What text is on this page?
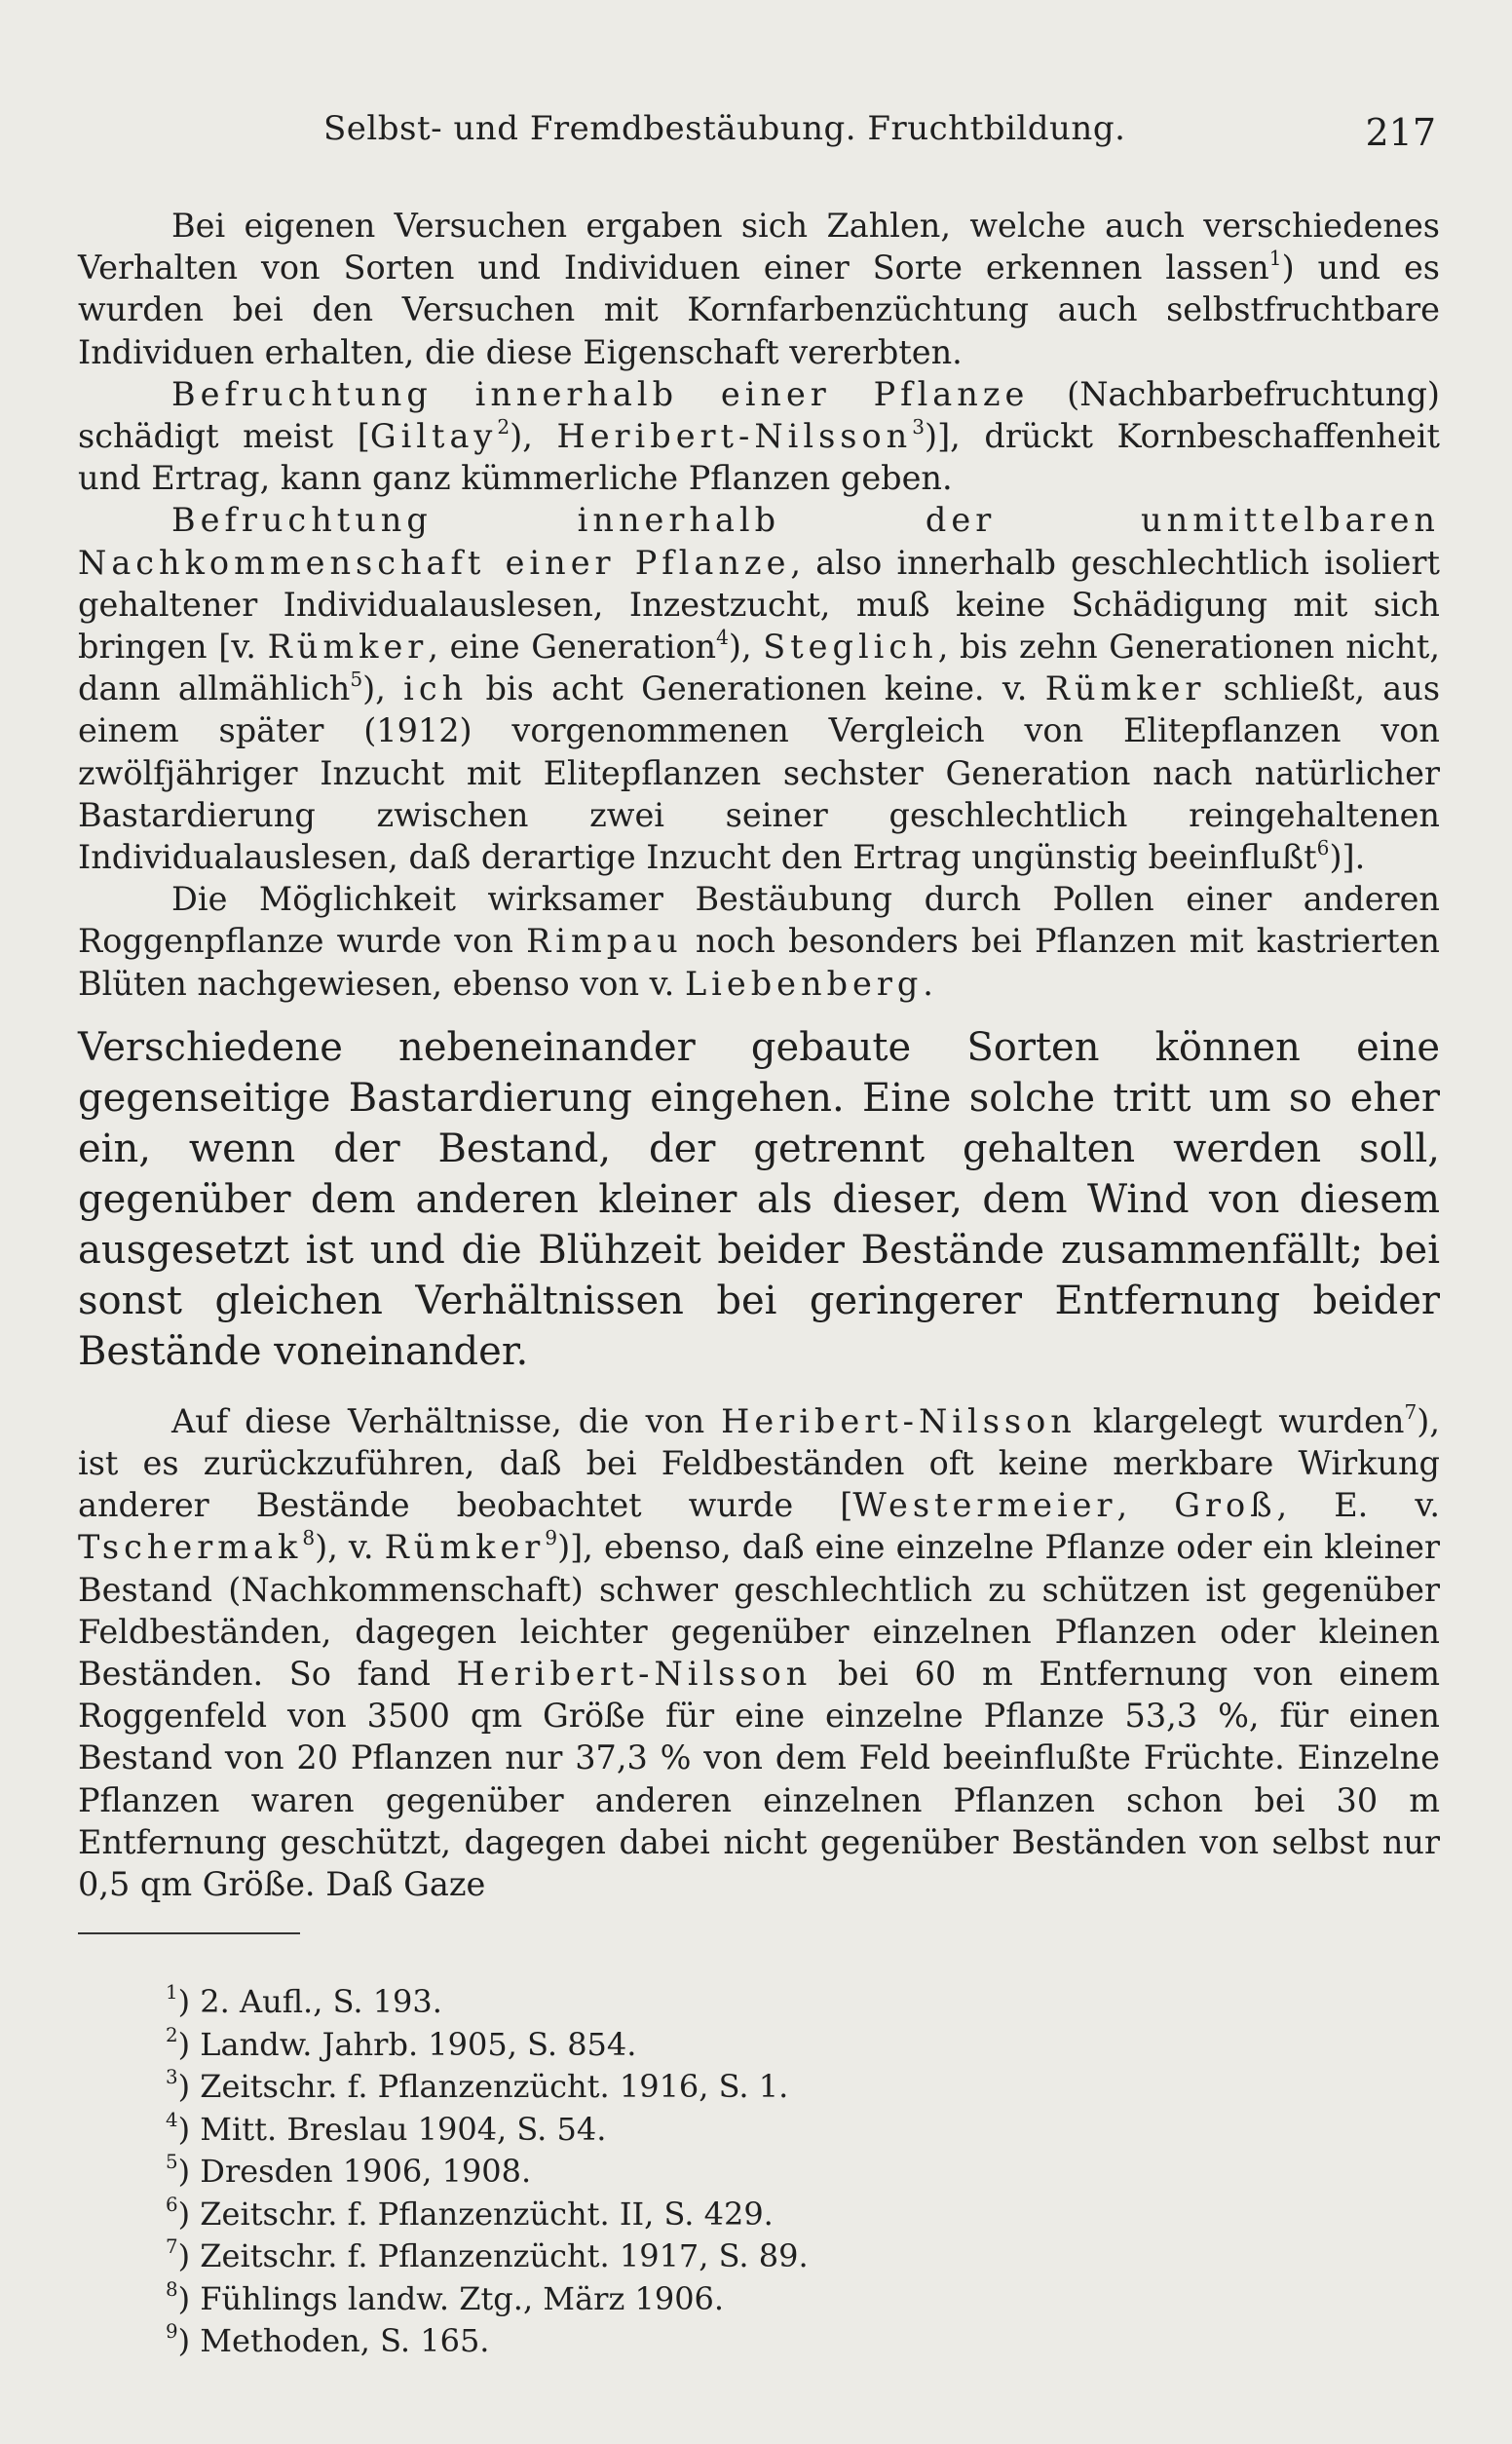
Selbst- und Fremdbestäubung. Fruchtbildung.	217

Bei eigenen Versuchen ergaben sich Zahlen, welche auch verschiedenes Verhalten von Sorten und Individuen einer Sorte erkennen lassen$^1$) und es wurden bei den Versuchen mit Kornfarbenzüchtung auch selbstfruchtbare Individuen erhalten, die diese Eigenschaft vererbten.

Befruchtung innerhalb einer Pflanze (Nachbarbefruchtung) schädigt meist [Giltay$^2$), Heribert-Nilsson$^3$)], drückt Kornbeschaffenheit und Ertrag, kann ganz kümmerliche Pflanzen geben.

Befruchtung innerhalb der unmittelbaren Nachkommenschaft einer Pflanze, also innerhalb geschlechtlich isoliert gehaltener Individualauslesen, Inzestzucht, muß keine Schädigung mit sich bringen [v. Rümker, eine Generation$^4$), Steglich, bis zehn Generationen nicht, dann allmählich$^5$), ich bis acht Generationen keine. v. Rümker schließt, aus einem später (1912) vorgenommenen Vergleich von Elitepflanzen von zwölfjähriger Inzucht mit Elitepflanzen sechster Generation nach natürlicher Bastardierung zwischen zwei seiner geschlechtlich reingehaltenen Individualauslesen, daß derartige Inzucht den Ertrag ungünstig beeinflußt$^6$)].

Die Möglichkeit wirksamer Bestäubung durch Pollen einer anderen Roggenpflanze wurde von Rimpau noch besonders bei Pflanzen mit kastrierten Blüten nachgewiesen, ebenso von v. Liebenberg.

Verschiedene nebeneinander gebaute Sorten können eine gegenseitige Bastardierung eingehen. Eine solche tritt um so eher ein, wenn der Bestand, der getrennt gehalten werden soll, gegenüber dem anderen kleiner als dieser, dem Wind von diesem ausgesetzt ist und die Blühzeit beider Bestände zusammenfällt; bei sonst gleichen Verhältnissen bei geringerer Entfernung beider Bestände voneinander.

Auf diese Verhältnisse, die von Heribert-Nilsson klargelegt wurden$^7$), ist es zurückzuführen, daß bei Feldbeständen oft keine merkbare Wirkung anderer Bestände beobachtet wurde [Westermeier, Groß, E. v. Tschermak$^8$), v. Rümker$^9$)], ebenso, daß eine einzelne Pflanze oder ein kleiner Bestand (Nachkommenschaft) schwer geschlechtlich zu schützen ist gegenüber Feldbeständen, dagegen leichter gegenüber einzelnen Pflanzen oder kleinen Beständen. So fand Heribert-Nilsson bei 60 m Entfernung von einem Roggenfeld von 3500 qm Größe für eine einzelne Pflanze 53,3 %, für einen Bestand von 20 Pflanzen nur 37,3 % von dem Feld beeinflußte Früchte. Einzelne Pflanzen waren gegenüber anderen einzelnen Pflanzen schon bei 30 m Entfernung geschützt, dagegen dabei nicht gegenüber Beständen von selbst nur 0,5 qm Größe. Daß Gaze

$^1$) 2. Aufl., S. 193.
$^2$) Landw. Jahrb. 1905, S. 854.
$^3$) Zeitschr. f. Pflanzenzücht. 1916, S. 1.
$^4$) Mitt. Breslau 1904, S. 54.
$^5$) Dresden 1906, 1908.
$^6$) Zeitschr. f. Pflanzenzücht. II, S. 429.
$^7$) Zeitschr. f. Pflanzenzücht. 1917, S. 89.
$^8$) Fühlings landw. Ztg., März 1906.
$^9$) Methoden, S. 165.
